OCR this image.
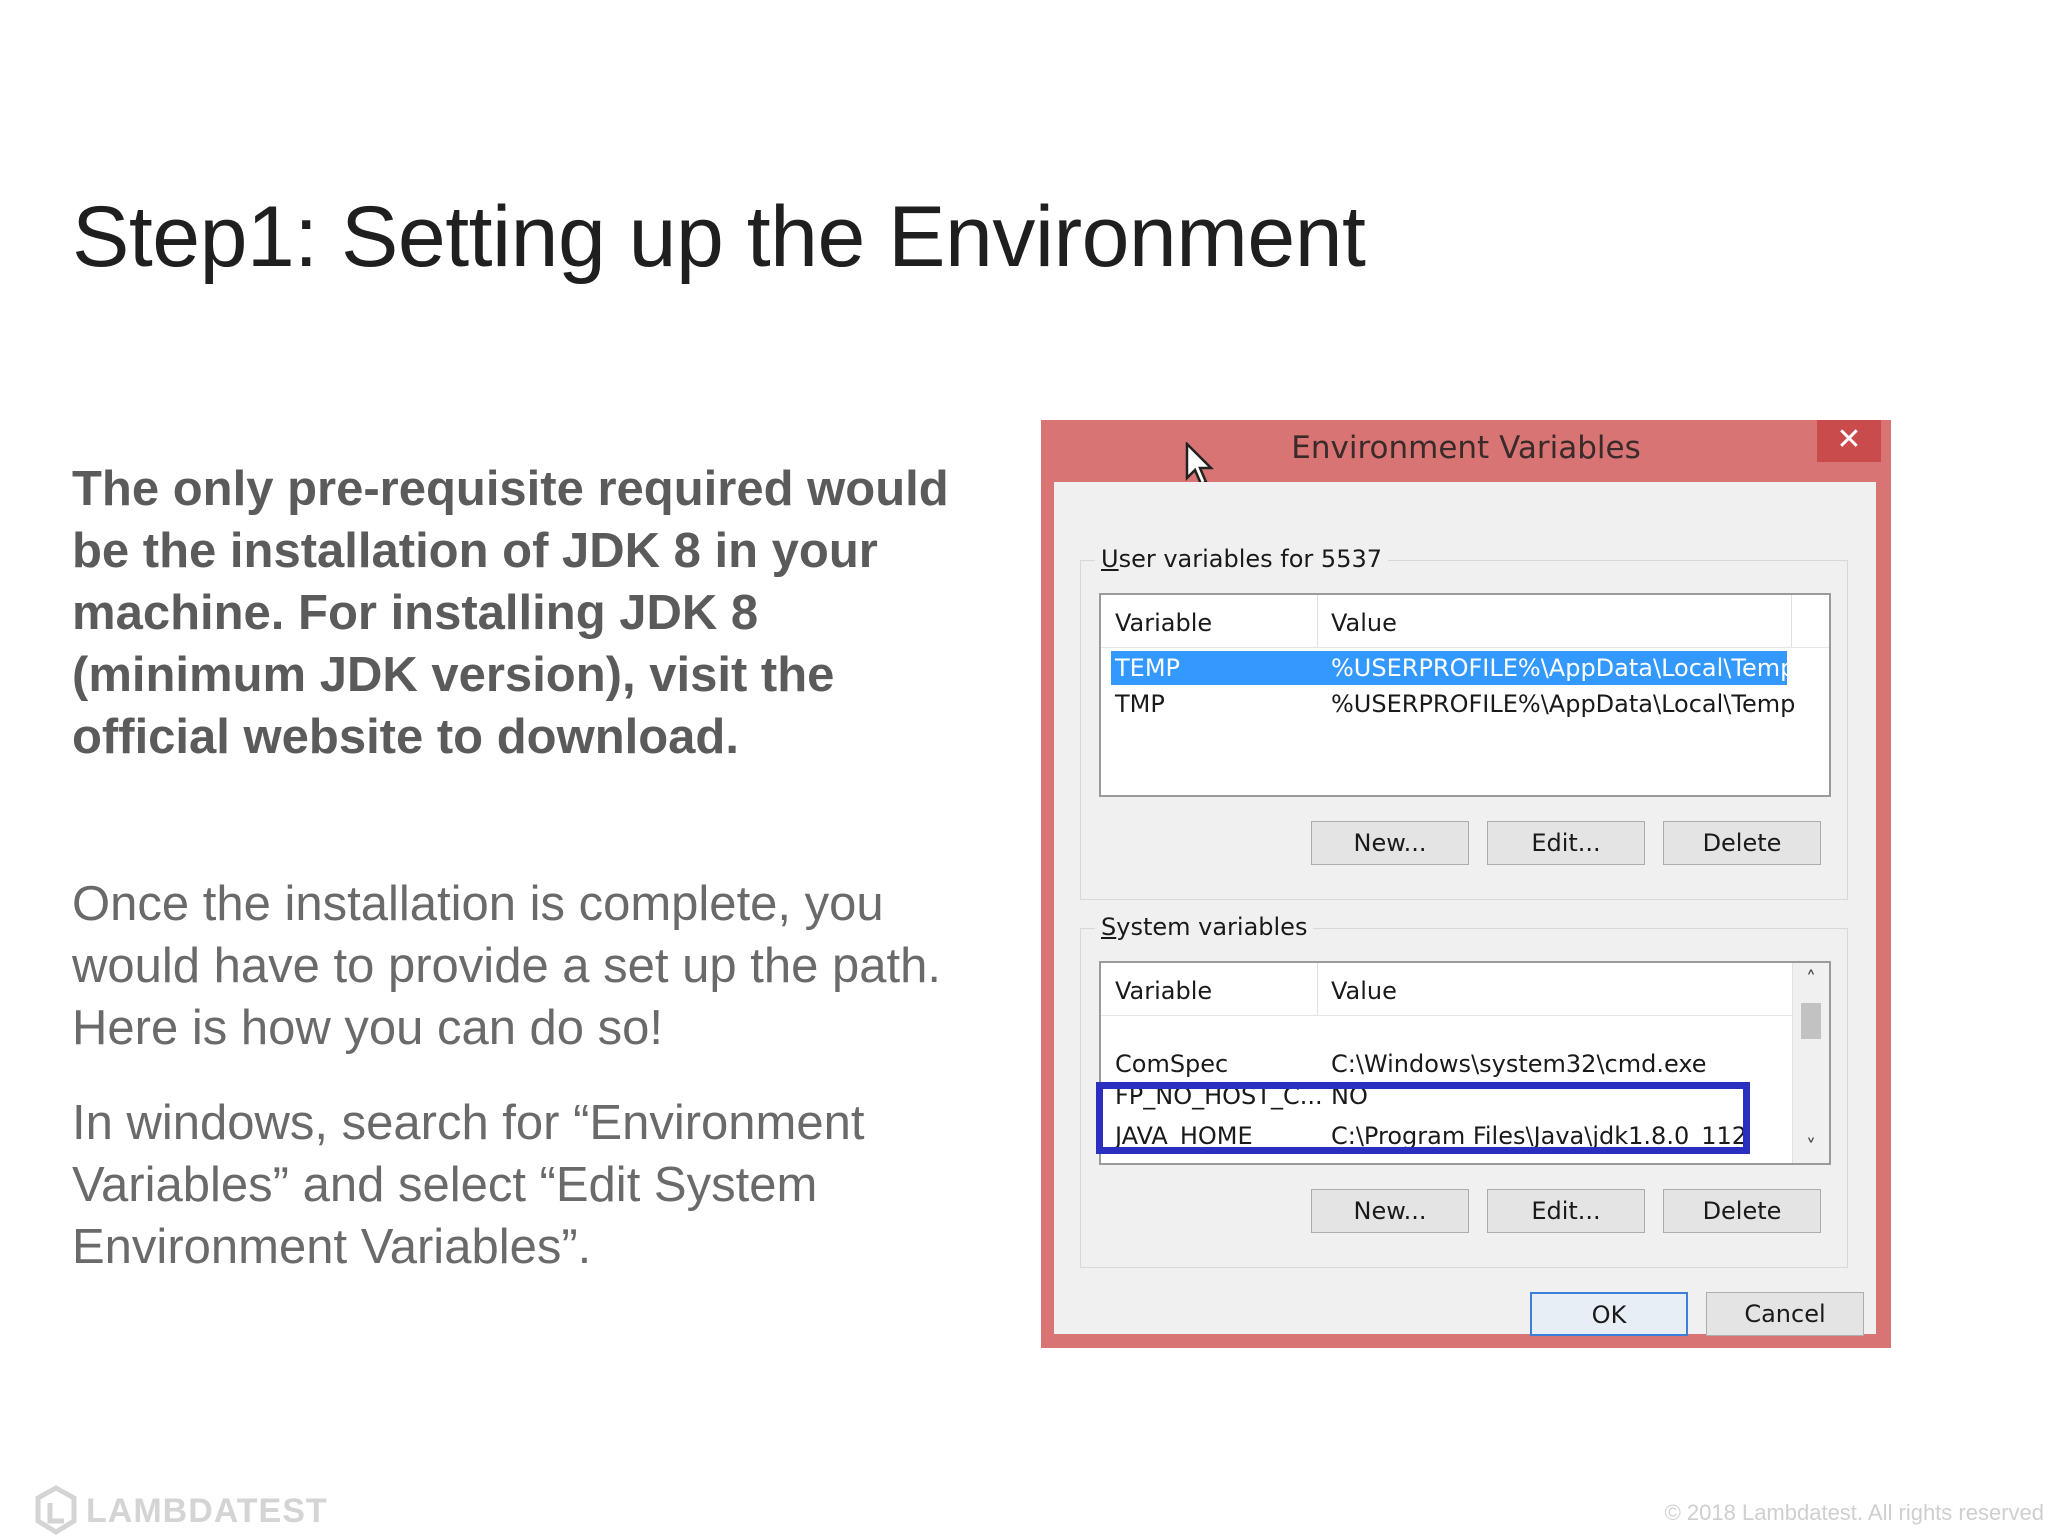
Step1: Setting up the Environment

The only pre-requisite required would be the installation of JDK 8 in your machine. For installing JDK 8 (minimum JDK version), visit the official website to download.

Once the installation is complete, you would have to provide a set up the path. Here is how you can do so!

In windows, search for “Environment Variables” and select “Edit System Environment Variables”.

Environment Variables	✕
User variables for 5537
Variable	Value
TEMP	%USERPROFILE%\AppData\Local\Temp
TMP	%USERPROFILE%\AppData\Local\Temp
New...	Edit...	Delete
System variables
Variable	Value
ComSpec	C:\Windows\system32\cmd.exe
FP_NO_HOST_C... NO
JAVA_HOME	C:\Program Files\Java\jdk1.8.0_112
˄
˅
New...	Edit...	Delete
OK	Cancel
LAMBDATEST	© 2018 Lambdatest. All rights reserved
